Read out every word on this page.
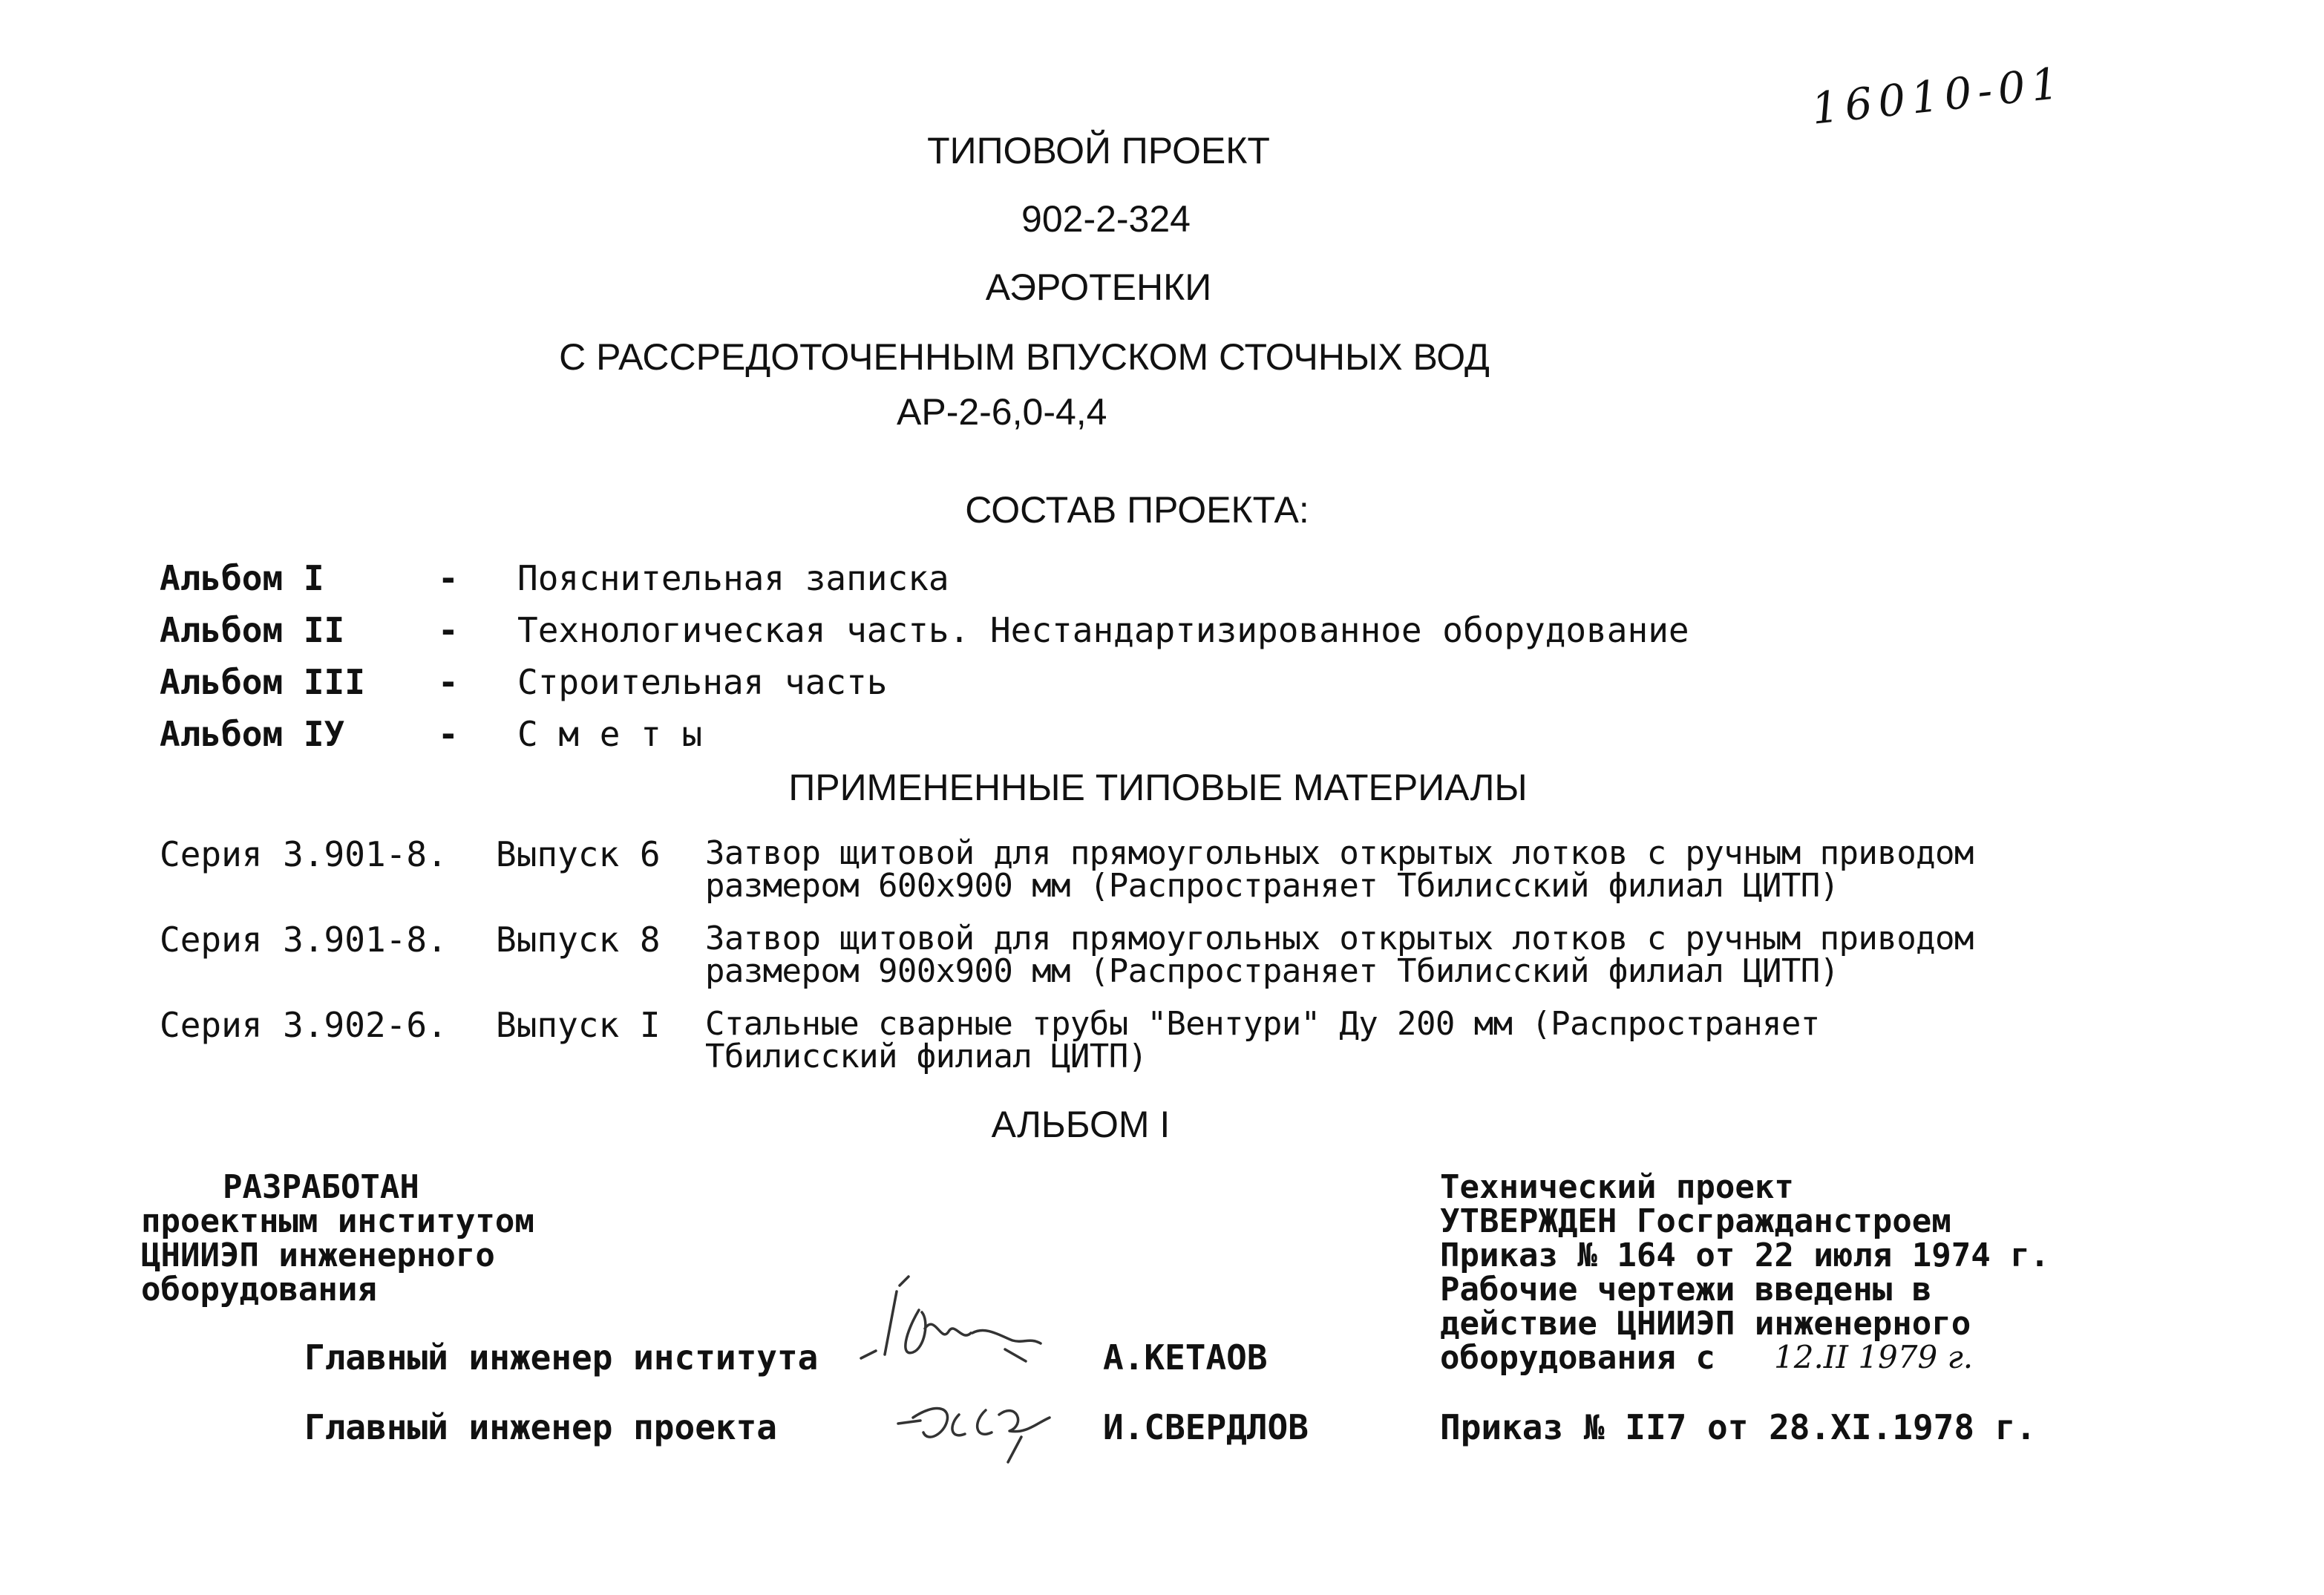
16010-01
ТИПОВОЙ ПРОЕКТ
902-2-324
АЭРОТЕНКИ
С РАССРЕДОТОЧЕННЫМ ВПУСКОМ СТОЧНЫХ ВОД
АР-2-6,0-4,4
СОСТАВ ПРОЕКТА:
Альбом I	- Пояснительная записка
Альбом II	- Технологическая часть. Нестандартизированное оборудование
Альбом III - Строительная часть
Альбом IУ	- С м е т ы
ПРИМЕНЕННЫЕ ТИПОВЫЕ МАТЕРИАЛЫ
Серия 3.901-8. Выпуск 6 Затвор щитовой для прямоугольных открытых лотков с ручным приводом
размером 600х900 мм (Распространяет Тбилисский филиал ЦИТП)
Серия 3.901-8. Выпуск 8 Затвор щитовой для прямоугольных открытых лотков с ручным приводом
размером 900х900 мм (Распространяет Тбилисский филиал ЦИТП)
Серия 3.902-6. Выпуск I Стальные сварные трубы "Вентури" Ду 200 мм (Распространяет
Тбилисский филиал ЦИТП)
АЛЬБОМ I
РАЗРАБОТАН
проектным институтом
ЦНИИЭП инженерного
оборудования
Главный инженер института	А.КЕТАОВ
Главный инженер проекта	И.СВЕРДЛОВ
Технический проект
УТВЕРЖДЕН Госгражданстроем
Приказ № 164 от 22 июля 1974 г.
Рабочие чертежи введены в
действие ЦНИИЭП инженерного
оборудования с 12.II 1979 г.
Приказ № II7 от 28.XI.1978 г.
